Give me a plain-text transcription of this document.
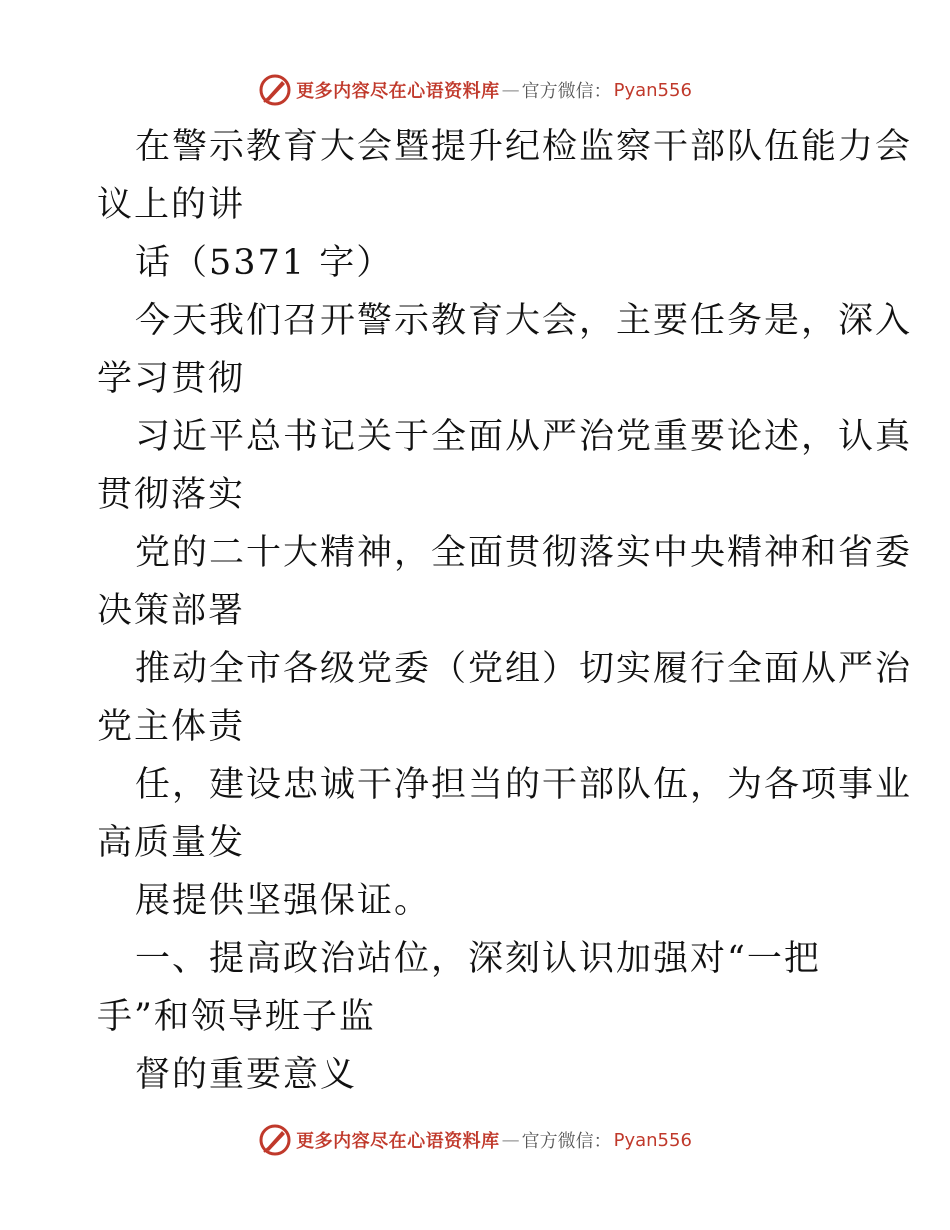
更多内容尽在心语资料库 — 官方微信： Pyan556
在警示教育大会暨提升纪检监察干部队伍能力会
议上的讲
话（5371 字）
今天我们召开警示教育大会，主要任务是，深入
学习贯彻
习近平总书记关于全面从严治党重要论述，认真
贯彻落实
党的二十大精神，全面贯彻落实中央精神和省委
决策部署
推动全市各级党委（党组）切实履行全面从严治
党主体责
任，建设忠诚干净担当的干部队伍，为各项事业
高质量发
展提供坚强保证。
一、提高政治站位，深刻认识加强对“一把
手”和领导班子监
督的重要意义
更多内容尽在心语资料库 — 官方微信： Pyan556
